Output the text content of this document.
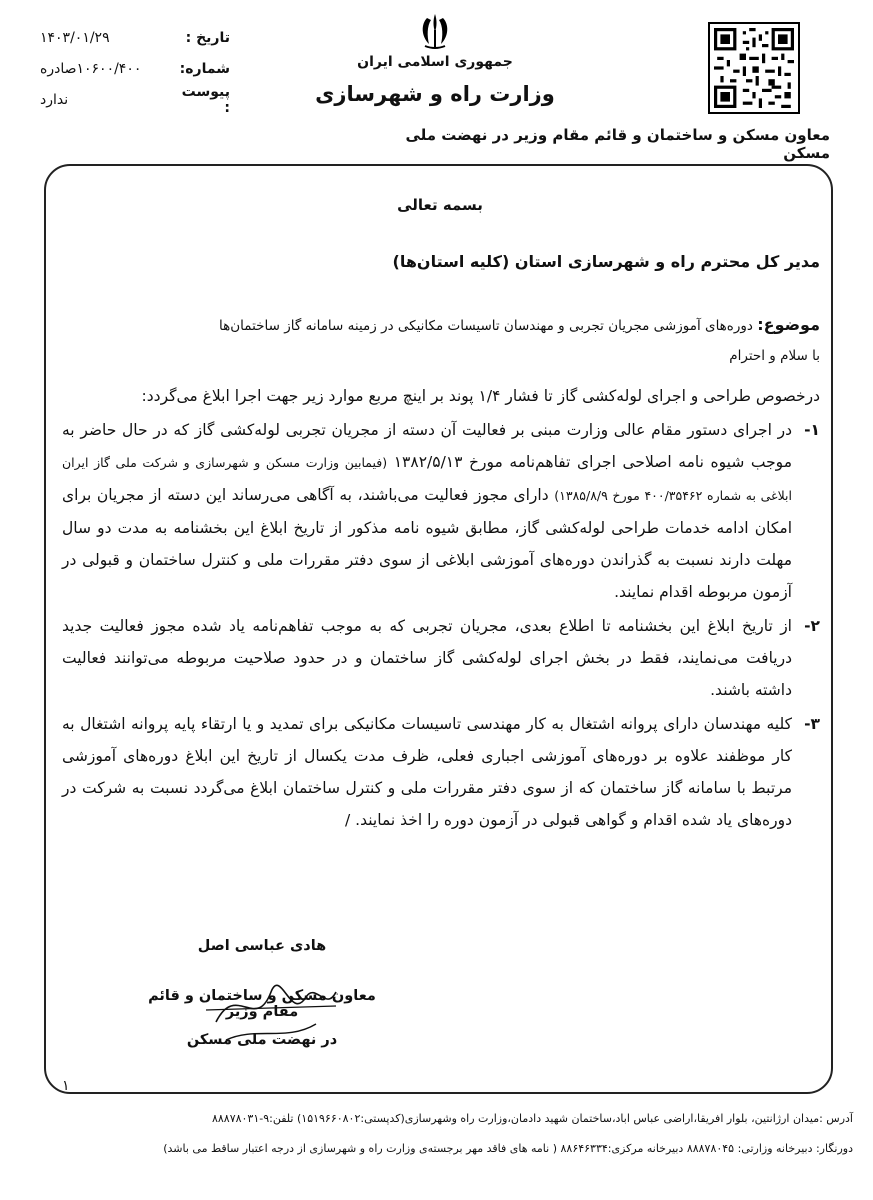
جمهوری اسلامی ایران
وزارت راه و شهرسازی
معاون مسکن و ساختمان و قائم مقام وزیر در نهضت ملی مسکن
تاریخ :
۱۴۰۳/۰۱/۲۹
شماره:
۱۰۶۰۰/۴۰۰صادره
پیوست :
ندارد
بسمه تعالی
مدیر کل محترم راه و شهرسازی استان (کلیه استان‌ها)
موضوع: دوره‌های آموزشی مجریان تجربی و مهندسان تاسیسات مکانیکی در زمینه سامانه گاز ساختمان‌ها
با سلام و احترام

درخصوص طراحی و اجرای لوله‌کشی گاز تا فشار ۱/۴ پوند بر اینچ مربع موارد زیر جهت اجرا ابلاغ می‌گردد:

۱-
در اجرای دستور مقام عالی وزارت مبنی بر فعالیت آن دسته از مجریان تجربی لوله‌کشی گاز که در حال حاضر به موجب شیوه نامه اصلاحی اجرای تفاهم‌نامه مورخ ۱۳۸۲/۵/۱۳ (فیمابین وزارت مسکن و شهرسازی و شرکت ملی گاز ایران ابلاغی به شماره ۴۰۰/۳۵۴۶۲ مورخ ۱۳۸۵/۸/۹) دارای مجوز فعالیت می‌باشند، به آگاهی می‌رساند این دسته از مجریان برای امکان ادامه خدمات طراحی لوله‌کشی گاز، مطابق شیوه نامه مذکور از تاریخ ابلاغ این بخشنامه به مدت دو سال مهلت دارند نسبت به گذراندن دوره‌های آموزشی ابلاغی از سوی دفتر مقررات ملی و کنترل ساختمان و قبولی در آزمون مربوطه اقدام نمایند.
۲-
از تاریخ ابلاغ این بخشنامه تا اطلاع بعدی، مجریان تجربی که به موجب تفاهم‌نامه یاد شده مجوز فعالیت جدید دریافت می‌نمایند، فقط در بخش اجرای لوله‌کشی گاز ساختمان و در حدود صلاحیت مربوطه می‌توانند فعالیت داشته باشند.
۳-
کلیه مهندسان دارای پروانه اشتغال به کار مهندسی تاسیسات مکانیکی برای تمدید و یا ارتقاء پایه پروانه اشتغال به کار موظفند علاوه بر دوره‌های آموزشی اجباری فعلی، ظرف مدت یکسال از تاریخ این ابلاغ دوره‌های آموزشی مرتبط با سامانه گاز ساختمان که از سوی دفتر مقررات ملی و کنترل ساختمان ابلاغ می‌گردد نسبت به شرکت در دوره‌های یاد شده اقدام و گواهی قبولی در آزمون دوره را اخذ نمایند. /
هادی عباسی اصل
معاون مسکن و ساختمان و قائم مقام وزیر
در نهضت ملی مسکن
۱
آدرس :میدان ارژانتین، بلوار افریقا،اراضی عباس اباد،ساختمان شهید دادمان،وزارت راه وشهرسازی(کدپستی:۱۵۱۹۶۶۰۸۰۲) تلفن:۹-۸۸۸۷۸۰۳۱
دورنگار: دبیرخانه وزارتی: ۸۸۸۷۸۰۴۵ دبیرخانه مرکزی:۸۸۶۴۶۳۳۴ ( نامه های فاقد مهر برجسته‌ی وزارت راه و شهرسازی از درجه اعتبار ساقط می باشد)
